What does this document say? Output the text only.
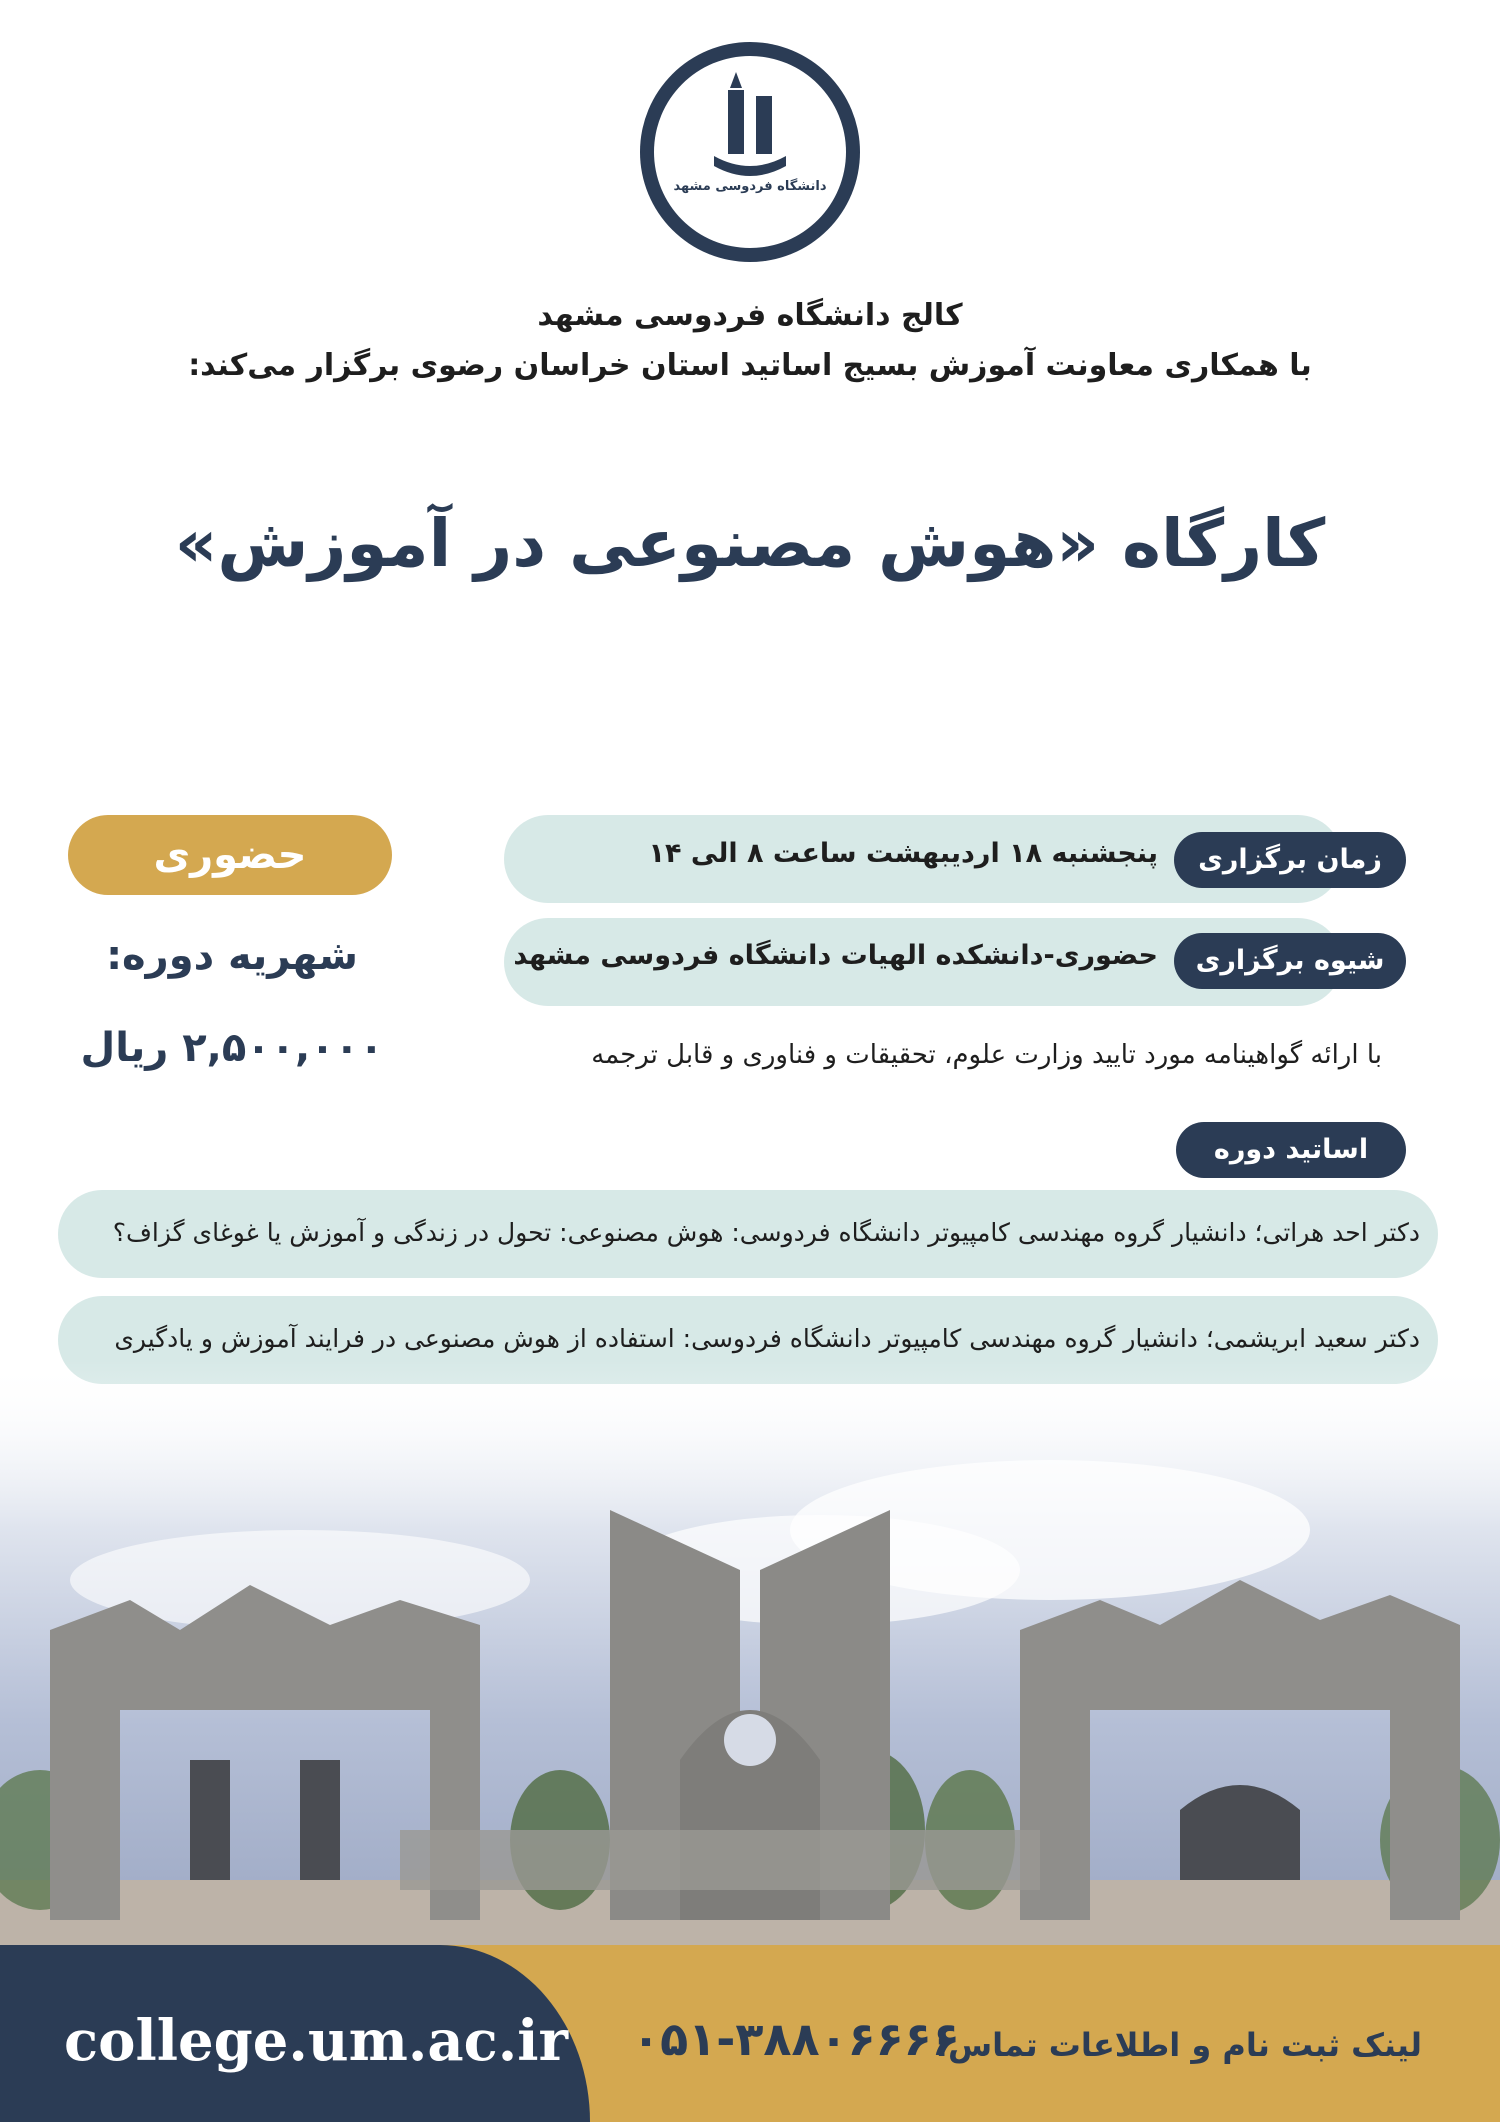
دانشگاه فردوسی مشهد
کالج دانشگاه
کالج دانشگاه فردوسی مشهد
با همکاری معاونت آموزش بسیج اساتید استان خراسان رضوی برگزار می‌کند:
کارگاه «هوش مصنوعی در آموزش»
زمان برگزاری
پنجشنبه ۱۸ اردیبهشت ساعت ۸ الی ۱۴
شیوه برگزاری
حضوری-دانشکده الهیات دانشگاه فردوسی مشهد
با ارائه گواهینامه مورد تایید وزارت علوم، تحقیقات و فناوری و قابل ترجمه
اساتید دوره
دکتر احد هراتی؛ دانشیار گروه مهندسی کامپیوتر دانشگاه فردوسی: هوش مصنوعی: تحول در زندگی و آموزش یا غوغای گزاف؟
دکتر سعید ابریشمی؛ دانشیار گروه مهندسی کامپیوتر دانشگاه فردوسی: استفاده از هوش مصنوعی در فرایند آموزش و یادگیری
حضوری
شهریه دوره:
۲,۵۰۰,۰۰۰ ریال
college.um.ac.ir ۰۵۱-۳۸۸۰۶۶۶۶
لینک ثبت نام و اطلاعات تماس:
